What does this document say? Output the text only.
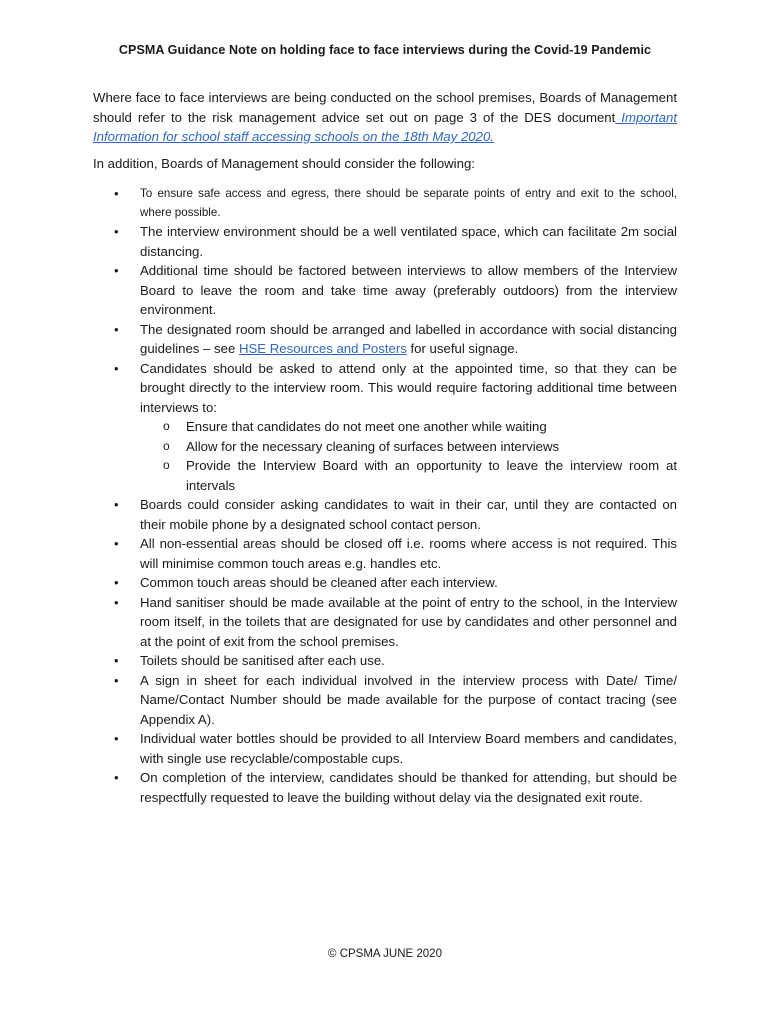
CPSMA Guidance Note on holding face to face interviews during the Covid-19 Pandemic
Where face to face interviews are being conducted on the school premises, Boards of Management should refer to the risk management advice set out on page 3 of the DES document Important Information for school staff accessing schools on the 18th May 2020.
In addition, Boards of Management should consider the following:
• To ensure safe access and egress, there should be separate points of entry and exit to the school, where possible.
• The interview environment should be a well ventilated space, which can facilitate 2m social distancing.
• Additional time should be factored between interviews to allow members of the Interview Board to leave the room and take time away (preferably outdoors) from the interview environment.
• The designated room should be arranged and labelled in accordance with social distancing guidelines – see HSE Resources and Posters for useful signage.
• Candidates should be asked to attend only at the appointed time, so that they can be brought directly to the interview room. This would require factoring additional time between interviews to:
o Ensure that candidates do not meet one another while waiting
o Allow for the necessary cleaning of surfaces between interviews
o Provide the Interview Board with an opportunity to leave the interview room at intervals
• Boards could consider asking candidates to wait in their car, until they are contacted on their mobile phone by a designated school contact person.
• All non-essential areas should be closed off i.e. rooms where access is not required. This will minimise common touch areas e.g. handles etc.
• Common touch areas should be cleaned after each interview.
• Hand sanitiser should be made available at the point of entry to the school, in the Interview room itself, in the toilets that are designated for use by candidates and other personnel and at the point of exit from the school premises.
• Toilets should be sanitised after each use.
• A sign in sheet for each individual involved in the interview process with Date/ Time/ Name/Contact Number should be made available for the purpose of contact tracing (see Appendix A).
• Individual water bottles should be provided to all Interview Board members and candidates, with single use recyclable/compostable cups.
• On completion of the interview, candidates should be thanked for attending, but should be respectfully requested to leave the building without delay via the designated exit route.
© CPSMA JUNE 2020
